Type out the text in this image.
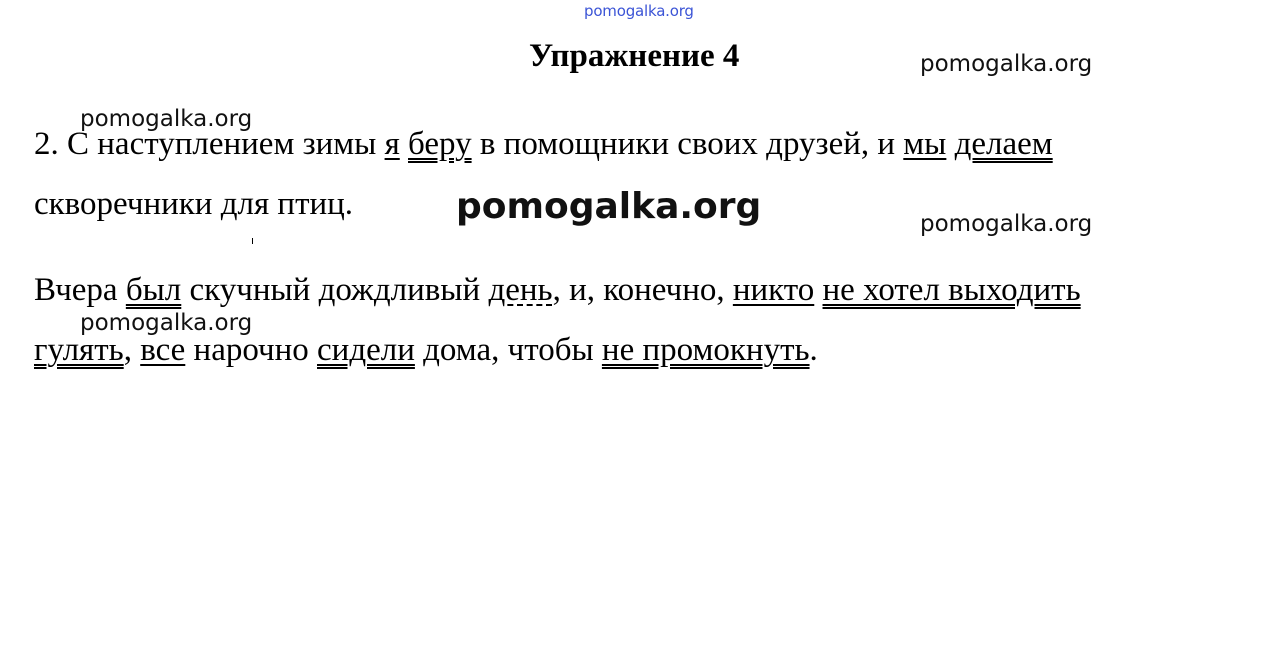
pomogalka.org
Упражнение 4	pomogalka.org
pomogalka.org
pomogalka.org	pomogalka.org
pomogalka.org
2. С наступлением зимы я беру в помощники своих друзей, и мы делаем
скворечники для птиц.
Вчера был скучный дождливый день, и, конечно, никто не хотел выходить
гулять, все нарочно сидели дома, чтобы не промокнуть.
